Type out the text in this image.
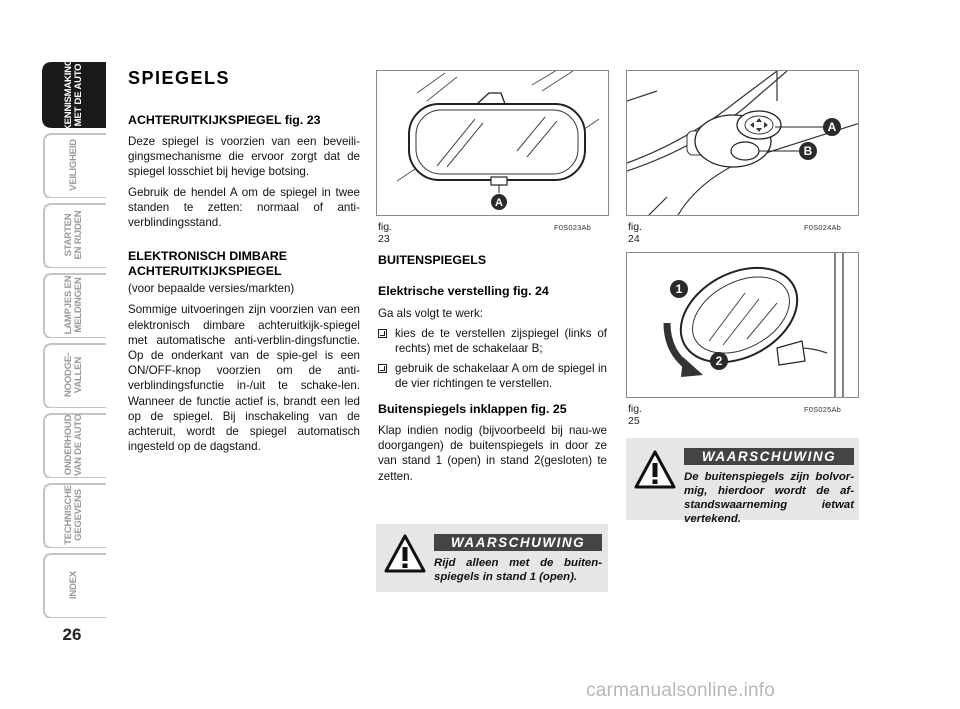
KENNISMAKING
MET DE AUTO
VEILIGHEID
STARTEN
EN RIJDEN
LAMPJES EN
MELDINGEN
NOODGE-
VALLEN
ONDERHOUD
VAN DE AUTO
TECHNISCHE
GEGEVENS
INDEX
26
SPIEGELS
ACHTERUITKIJKSPIEGEL fig. 23

Deze spiegel is voorzien van een beveili-gingsmechanisme die ervoor zorgt dat de spiegel losschiet bij hevige botsing.

Gebruik de hendel A om de spiegel in twee standen te zetten: normaal of anti-verblindingsstand.

ELEKTRONISCH DIMBARE ACHTERUITKIJKSPIEGEL

(voor bepaalde versies/markten)

Sommige uitvoeringen zijn voorzien van een elektronisch dimbare achteruitkijk-spiegel met automatische anti-verblin-dingsfunctie. Op de onderkant van de spie-gel is een ON/OFF-knop voorzien om de anti-verblindingsfunctie in-/uit te schake-len. Wanneer de functie actief is, brandt een led op de spiegel. Bij inschakeling van de achteruit, wordt de spiegel automatisch ingesteld op de dagstand.

A
fig. 23
F0S023Ab
A
B
fig. 24
F0S024Ab
1
2
fig. 25
F0S025Ab
BUITENSPIEGELS
Elektrische verstelling fig. 24

Ga als volgt te werk:

kies de te verstellen zijspiegel (links of rechts) met de schakelaar B;
gebruik de schakelaar A om de spiegel in de vier richtingen te verstellen.
Buitenspiegels inklappen fig. 25

Klap indien nodig (bijvoorbeeld bij nau-we doorgangen) de buitenspiegels in door ze van stand 1 (open) in stand 2(gesloten) te zetten.

WAARSCHUWING
Rijd alleen met de buiten-spiegels in stand 1 (open).
WAARSCHUWING
De buitenspiegels zijn bolvor-mig, hierdoor wordt de af-standswaarneming ietwat vertekend.
carmanualsonline.info
